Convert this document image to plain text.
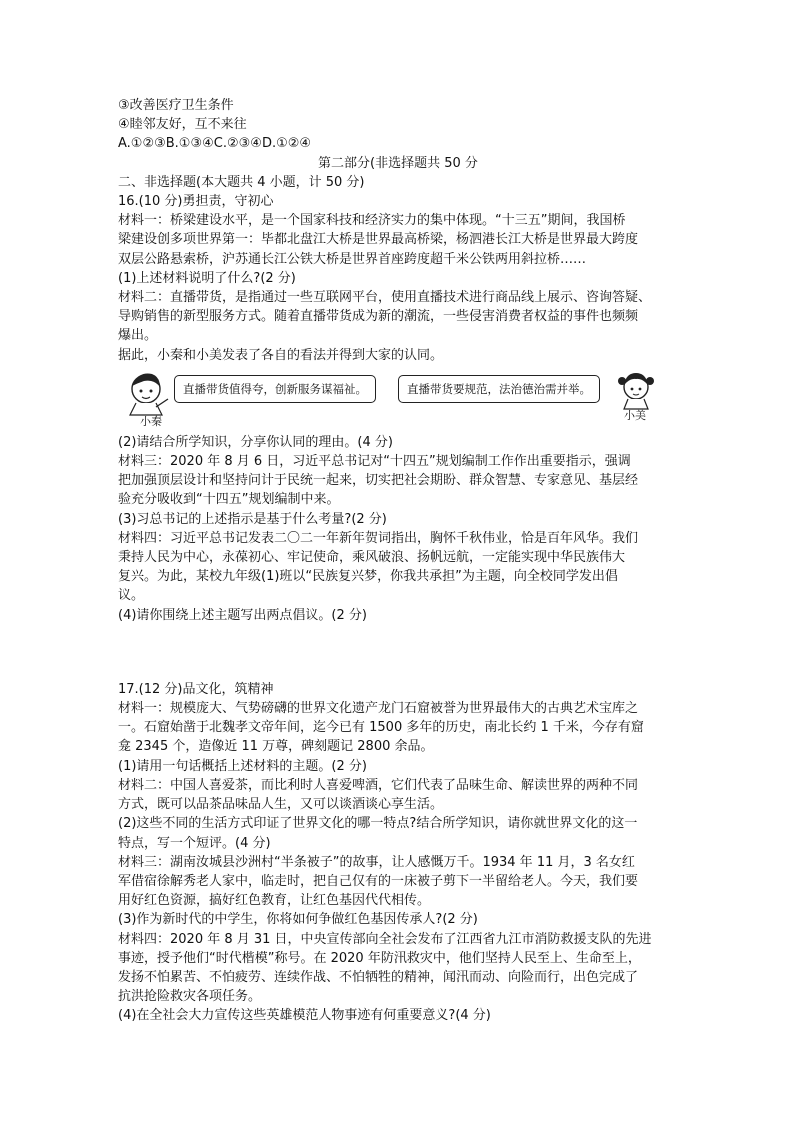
③改善医疗卫生条件
④睦邻友好，互不来往
A.①②③B.①③④C.②③④D.①②④
第二部分(非选择题共 50 分
二、非选择题(本大题共 4 小题，计 50 分)
16.(10 分)勇担责，守初心
材料一：桥梁建设水平，是一个国家科技和经济实力的集中体现。“十三五”期间，我国桥
梁建设创多项世界第一：毕都北盘江大桥是世界最高桥梁，杨泗港长江大桥是世界最大跨度
双层公路悬索桥，沪苏通长江公铁大桥是世界首座跨度超千米公铁两用斜拉桥……
(1)上述材料说明了什么?(2 分)
材料二：直播带货，是指通过一些互联网平台，使用直播技术进行商品线上展示、咨询答疑、
导购销售的新型服务方式。随着直播带货成为新的潮流，一些侵害消费者权益的事件也频频
爆出。
据此，小秦和小美发表了各自的看法并得到大家的认同。
小秦
直播带货值得夸，创新服务谋福祉。	直播带货要规范，法治德治需并举。
小美
(2)请结合所学知识，分享你认同的理由。(4 分)
材料三：2020 年 8 月 6 日，习近平总书记对“十四五”规划编制工作作出重要指示，强调
把加强顶层设计和坚持问计于民统一起来，切实把社会期盼、群众智慧、专家意见、基层经
验充分吸收到“十四五”规划编制中来。
(3)习总书记的上述指示是基于什么考量?(2 分)
材料四：习近平总书记发表二〇二一年新年贺词指出，胸怀千秋伟业，恰是百年风华。我们
秉持人民为中心，永葆初心、牢记使命，乘风破浪、扬帆远航，一定能实现中华民族伟大
复兴。为此，某校九年级(1)班以“民族复兴梦，你我共承担”为主题，向全校同学发出倡
议。
(4)请你围绕上述主题写出两点倡议。(2 分)
17.(12 分)品文化，筑精神
材料一：规模庞大、气势磅礴的世界文化遗产龙门石窟被誉为世界最伟大的古典艺术宝库之
一。石窟始凿于北魏孝文帝年间，迄今已有 1500 多年的历史，南北长约 1 千米，今存有窟
龛 2345 个，造像近 11 万尊，碑刻题记 2800 余品。
(1)请用一句话概括上述材料的主题。(2 分)
材料二：中国人喜爱茶，而比利时人喜爱啤酒，它们代表了品味生命、解读世界的两种不同
方式，既可以品茶品味品人生，又可以谈酒谈心享生活。
(2)这些不同的生活方式印证了世界文化的哪一特点?结合所学知识，请你就世界文化的这一
特点，写一个短评。(4 分)
材料三：湖南汝城县沙洲村“半条被子”的故事，让人感慨万千。1934 年 11 月，3 名女红
军借宿徐解秀老人家中，临走时，把自己仅有的一床被子剪下一半留给老人。今天，我们要
用好红色资源，搞好红色教育，让红色基因代代相传。
(3)作为新时代的中学生，你将如何争做红色基因传承人?(2 分)
材料四：2020 年 8 月 31 日，中央宣传部向全社会发布了江西省九江市消防救援支队的先进
事迹，授予他们“时代楷模”称号。在 2020 年防汛救灾中，他们坚持人民至上、生命至上，
发扬不怕累苦、不怕疲劳、连续作战、不怕牺牲的精神，闻汛而动、向险而行，出色完成了
抗洪抢险救灾各项任务。
(4)在全社会大力宣传这些英雄模范人物事迹有何重要意义?(4 分)
